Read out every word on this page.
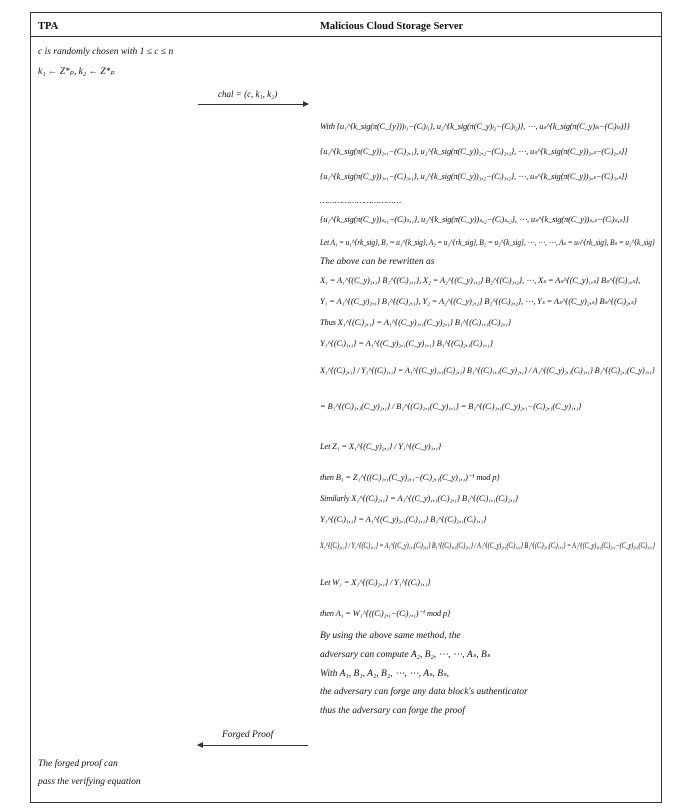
TPA	Malicious Cloud Storage Server
c is randomly chosen with 1 ≤ c ≤ n
k₁ ← Z*ₚ, k₂ ← Z*ₚ
chal = (c, k₁, k₂)
With {u₁^{k_sig(π(C_{y}))ₗ₁−(Cᵢ)ₗ₁}, u₂^{k_sig(π(C_y)ₗ₂−(Cᵢ)ₗ₂)}, ⋯, uₛ^{k_sig(π(C_y)ₗₛ−(Cᵢ)ₗₛ)}}
{u₁^{k_sig(π(C_y))₂,₁−(Cᵢ)₂,₁}, u₂^{k_sig(π(C_y))₂,₂−(Cᵢ)₂,₂}, ⋯, uₛ^{k_sig(π(C_y))₂,ₛ−(Cᵢ)₂,ₛ}}
{u₁^{k_sig(π(C_y))₃,₁−(Cᵢ)₃,₁}, u₂^{k_sig(π(C_y))₃,₂−(Cᵢ)₃,₂}, ⋯, uₛ^{k_sig(π(C_y))₃,ₛ−(Cᵢ)₃,ₛ}}
……………………………
{u₁^{k_sig(π(C_y))ₛ,₁−(Cᵢ)ₛ,₁}, u₂^{k_sig(π(C_y))ₛ,₂−(Cᵢ)ₛ,₂}, ⋯, uₛ^{k_sig(π(C_y))ₛ,ₛ−(Cᵢ)ₛ,ₛ}}
Let A₁ = u₁^{rk_sig}, B₁ = u₁^{k_sig}, A₂ = u₂^{rk_sig}, B₂ = u₂^{k_sig}, ⋯, ⋯, ⋯, Aₛ = uₙ^{rk_sig}, Bₛ = u₂^{k_sig}
The above can be rewritten as
X₁ = A₁^{(C_y)₁,₁} B₁^{(Cᵢ)₁,₁}, X₂ = A₂^{(C_y)₁,₂} B₂^{(Cᵢ)₁,₂}, ⋯, Xₛ = Aₛ^{(C_y)₁,ₛ} Bₛ^{(Cᵢ)₁,ₛ},
Y₁ = A₁^{(C_y)₂,₁} B₁^{(Cᵢ)₂,₁}, Y₂ = A₂^{(C_y)₂,₂} B₂^{(Cᵢ)₂,₂}, ⋯, Yₛ = Aₛ^{(C_y)₂,ₛ} Bₛ^{(Cᵢ)₂,ₛ}
Thus X₁^{(Cᵢ)₂,₁} = A₁^{(C_y)₁,₁(C_y)₂,₁} B₁^{(Cᵢ)₁,₁(Cᵢ)₂,₁}
Y₁^{(Cᵢ)₁,₁} = A₁^{(C_y)₂,₁(C_y)₁,₁} B₁^{(Cᵢ)₂,₁(Cᵢ)₁,₁}
X₁^{(Cᵢ)₂,₁} / Y₁^{(Cᵢ)₁,₁} = A₁^{(C_y)₁,₁(Cᵢ)₂,₁} B₁^{(Cᵢ)₁,₁(C_y)₂,₁} / A₁^{(C_y)₂,₁(Cᵢ)₁,₁} B₁^{(Cᵢ)₂,₁(C_y)₁,₁}
= B₁^{(Cᵢ)₁,₁(C_y)₂,₁} / B₁^{(Cᵢ)₂,₁(C_y)₁,₁} = B₁^{(Cᵢ)₁,₁(C_y)₂,₁−(Cᵢ)₂,₁(C_y)₁,₁}
Let Z₁ = X₁^{(C_y)₂,₁} / Y₁^{(C_y)₁,₁}
then B₁ = Z₁^{((Cᵢ)₁,₁(C_y)₂,₁−(Cᵢ)₂,₁(C_y)₁,₁)⁻¹ mod p}
Similarly X₁^{(Cᵢ)₂,₁} = A₁^{(C_y)₁,₁(Cᵢ)₂,₁} B₁^{(Cᵢ)₁,₁(Cᵢ)₂,₁}
Y₁^{(Cᵢ)₁,₁} = A₁^{(C_y)₂,₁(Cᵢ)₁,₁} B₁^{(Cᵢ)₂,₁(Cᵢ)₁,₁}
X₁^{(Cᵢ)₂,₁} / Y₁^{(Cᵢ)₁,₁} = A₁^{(C_y)₁,₁(Cᵢ)₂,₁} B₁^{(Cᵢ)₁,₁(Cᵢ)₂,₁} / A₁^{(C_y)₂,₁(Cᵢ)₁,₁} B₁^{(Cᵢ)₂,₁(Cᵢ)₁,₁} = A₁^{(C_y)₁,₁(Cᵢ)₂,₁−(C_y)₂,₁(Cᵢ)₁,₁}
Let W₁ = X₁^{(Cᵢ)₂,₁} / Y₁^{(Cᵢ)₁,₁}
then A₁ = W₁^{((Cᵢ)₂,₁−(Cᵢ)₁,₁)⁻¹ mod p}
By using the above same method, the
adversary can compute A₂, B₂, ⋯, ⋯, Aₛ, Bₛ
With A₁, B₁, A₂, B₂, ⋯, ⋯, Aₛ, Bₛ,
the adversary can forge any data block's authenticator
thus the adversary can forge the proof
Forged Proof
The forged proof can
pass the verifying equation
